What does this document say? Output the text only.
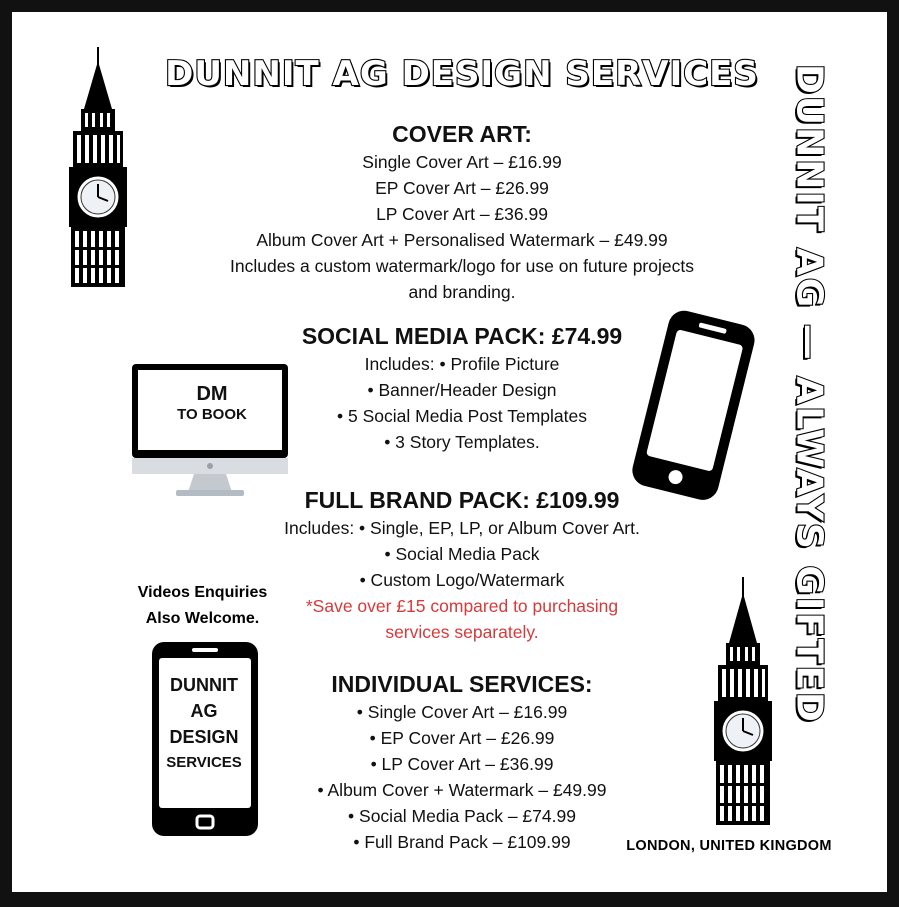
DUNNIT AG DESIGN SERVICES DUNNIT AG — ALWAYS GIFTED
COVER ART:
Single Cover Art – £16.99
EP Cover Art – £26.99
LP Cover Art – £36.99
Album Cover Art + Personalised Watermark – £49.99
Includes a custom watermark/logo for use on future projects
and branding.
SOCIAL MEDIA PACK: £74.99
Includes: • Profile Picture
• Banner/Header Design
• 5 Social Media Post Templates
• 3 Story Templates.
DM
TO BOOK
FULL BRAND PACK: £109.99
Includes: • Single, EP, LP, or Album Cover Art.
• Social Media Pack
• Custom Logo/Watermark
*Save over £15 compared to purchasing
services separately.
Videos Enquiries
Also Welcome.
DUNNIT
AG
DESIGN
SERVICES
INDIVIDUAL SERVICES:
• Single Cover Art – £16.99
• EP Cover Art – £26.99
• LP Cover Art – £36.99
• Album Cover + Watermark – £49.99
• Social Media Pack – £74.99
• Full Brand Pack – £109.99	LONDON, UNITED KINGDOM
